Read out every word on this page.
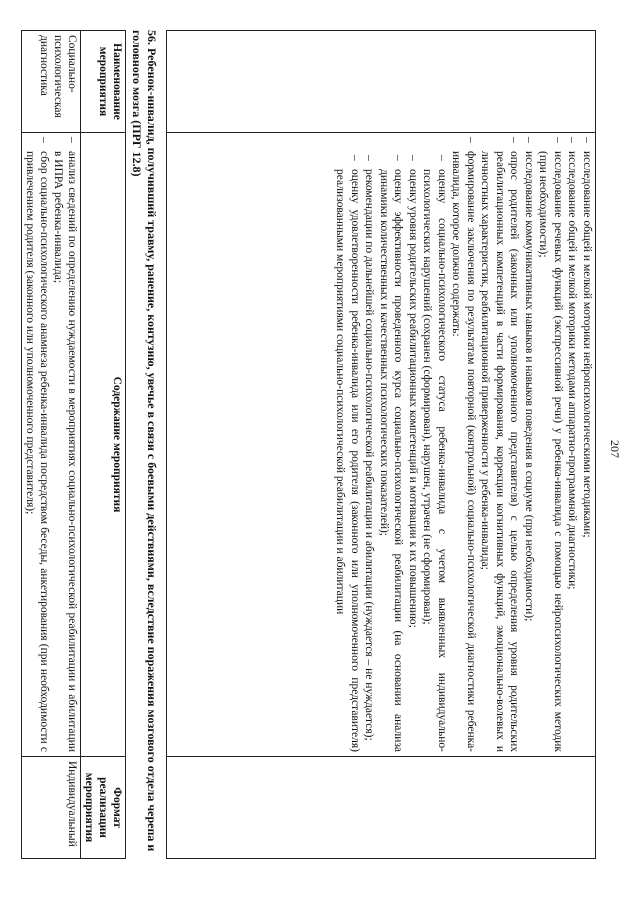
207

–
исследование общей и мелкой моторики нейропсихологическими методиками;
–
исследование общей и мелкой моторики методами аппаратно-программной диагностики;
–
исследование речевых функций (экспрессивной речи) у ребенка-инвалида с помощью нейропсихологических методик (при необходимости);
–
исследование коммуникативных навыков и навыков поведения в социуме (при необходимости);
–
опрос родителей (законных или уполномоченного представителя) с целью определения уровня родительских реабилитационных компетенций в части формирования, коррекции когнитивных функций, эмоционально-волевых и личностных характеристик, реабилитационной приверженности у ребенка-инвалида;
–
формирование заключения по результатам повторной (контрольной) социально-психологической диагностики ребенка-инвалида, которое должно содержать:
–
оценку социально-психологического статуса ребенка-инвалида с учетом выявленных индивидуально-психологических нарушений (сохранен (сформирован), нарушен, утрачен (не сформирован);
–
оценку уровня родительских реабилитационных компетенций и мотивации к их повышению;
–
оценку эффективности проведенного курса социально-психологической реабилитации (на основании анализа динамики количественных и качественных психологических показателей);
–
рекомендации по дальнейшей социально-психологической реабилитации и абилитации (нуждается – не нуждается);
–
оценку удовлетворенности ребенка-инвалида или его родителя (законного или уполномоченного представителя) реализованными мероприятиями социально-психологической реабилитации и абилитации

56. Ребенок-инвалид, получивший травму, ранение, контузию, увечье в связи с боевыми действиями, вследствие поражения мозгового отдела черепа и головного мозга (ПРГ 12.8)
Наименование мероприятия	Содержание мероприятия	Формат реализации мероприятия
Социально-психологическая диагностика	–
анализ сведений по определению нуждаемости в мероприятиях социально-психологической реабилитации и абилитации в ИПРА ребенка-инвалида;
–
сбор социально-психологического анамнеза ребенка-инвалида посредством беседы, анкетирования (при необходимости с привлечением родителя (законного или уполномоченного представителя);	Индивидуальный
